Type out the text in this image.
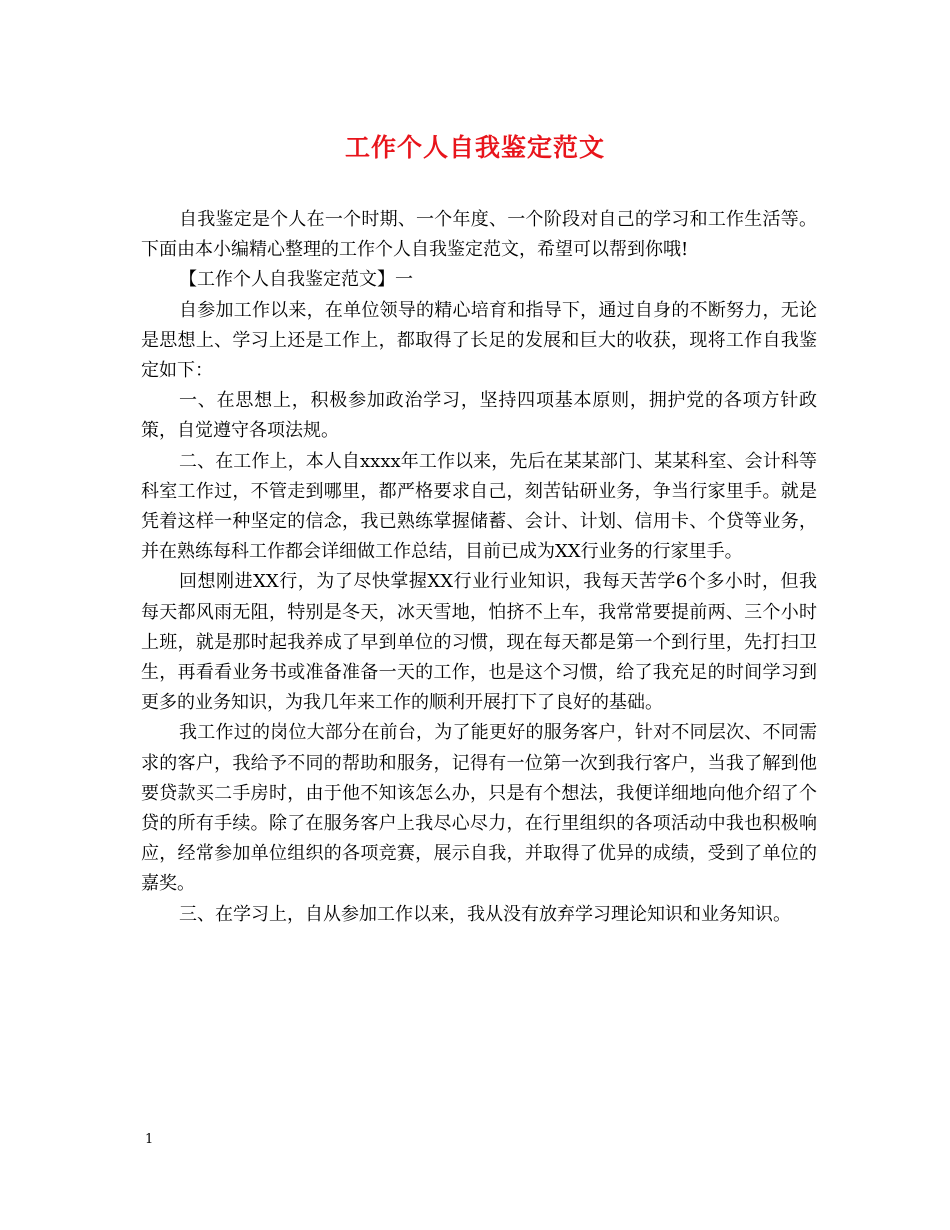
工作个人自我鉴定范文

自我鉴定是个人在一个时期、一个年度、一个阶段对自己的学习和工作生活等。下面由本小编精心整理的工作个人自我鉴定范文，希望可以帮到你哦!

【工作个人自我鉴定范文】一

自参加工作以来，在单位领导的精心培育和指导下，通过自身的不断努力，无论是思想上、学习上还是工作上，都取得了长足的发展和巨大的收获，现将工作自我鉴定如下：

一、在思想上，积极参加政治学习，坚持四项基本原则，拥护党的各项方针政策，自觉遵守各项法规。

二、在工作上，本人自xxxx年工作以来，先后在某某部门、某某科室、会计科等科室工作过，不管走到哪里，都严格要求自己，刻苦钻研业务，争当行家里手。就是凭着这样一种坚定的信念，我已熟练掌握储蓄、会计、计划、信用卡、个贷等业务，并在熟练每科工作都会详细做工作总结，目前已成为XX行业务的行家里手。

回想刚进XX行，为了尽快掌握XX行业行业知识，我每天苦学6个多小时，但我每天都风雨无阻，特别是冬天，冰天雪地，怕挤不上车，我常常要提前两、三个小时上班，就是那时起我养成了早到单位的习惯，现在每天都是第一个到行里，先打扫卫生，再看看业务书或准备准备一天的工作，也是这个习惯，给了我充足的时间学习到更多的业务知识，为我几年来工作的顺利开展打下了良好的基础。

我工作过的岗位大部分在前台，为了能更好的服务客户，针对不同层次、不同需求的客户，我给予不同的帮助和服务，记得有一位第一次到我行客户，当我了解到他要贷款买二手房时，由于他不知该怎么办，只是有个想法，我便详细地向他介绍了个贷的所有手续。除了在服务客户上我尽心尽力，在行里组织的各项活动中我也积极响应，经常参加单位组织的各项竞赛，展示自我，并取得了优异的成绩，受到了单位的嘉奖。

三、在学习上，自从参加工作以来，我从没有放弃学习理论知识和业务知识。

1
